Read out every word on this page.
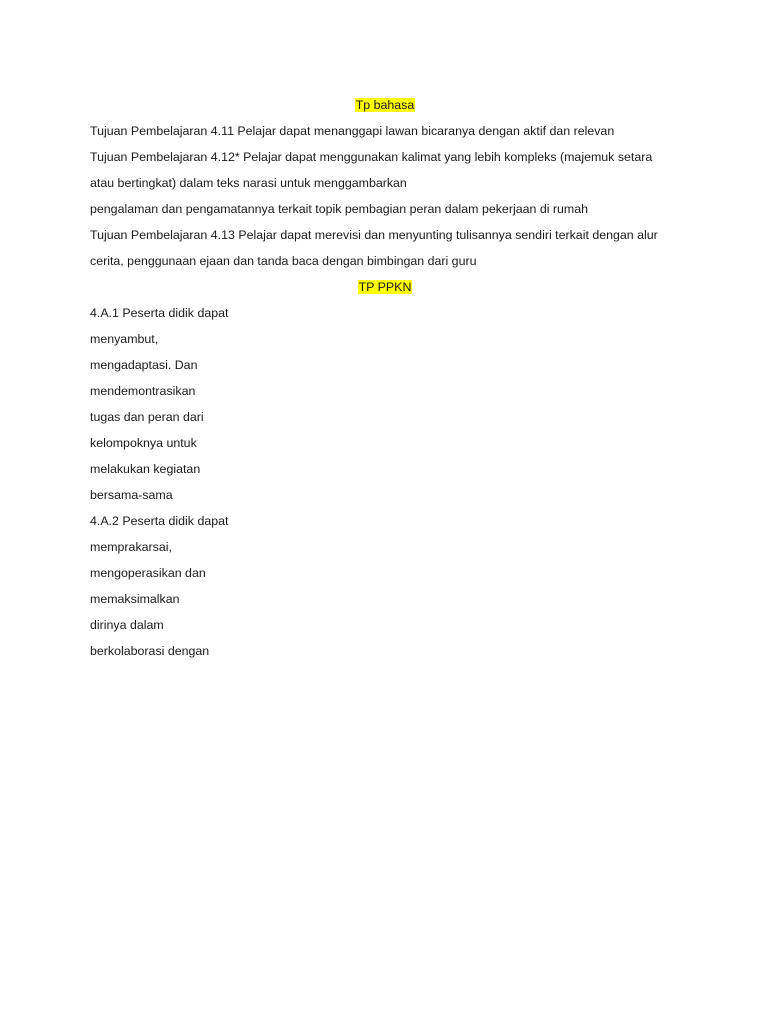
Tp bahasa
Tujuan Pembelajaran 4.11 Pelajar dapat menanggapi lawan bicaranya dengan aktif dan relevan
Tujuan Pembelajaran 4.12* Pelajar dapat menggunakan kalimat yang lebih kompleks (majemuk setara
atau bertingkat) dalam teks narasi untuk menggambarkan
pengalaman dan pengamatannya terkait topik pembagian peran dalam pekerjaan di rumah
Tujuan Pembelajaran 4.13 Pelajar dapat merevisi dan menyunting tulisannya sendiri terkait dengan alur
cerita, penggunaan ejaan dan tanda baca dengan bimbingan dari guru
TP PPKN
4.A.1 Peserta didik dapat
menyambut,
mengadaptasi. Dan
mendemontrasikan
tugas dan peran dari
kelompoknya untuk
melakukan kegiatan
bersama-sama
4.A.2 Peserta didik dapat
memprakarsai,
mengoperasikan dan
memaksimalkan
dirinya dalam
berkolaborasi dengan
